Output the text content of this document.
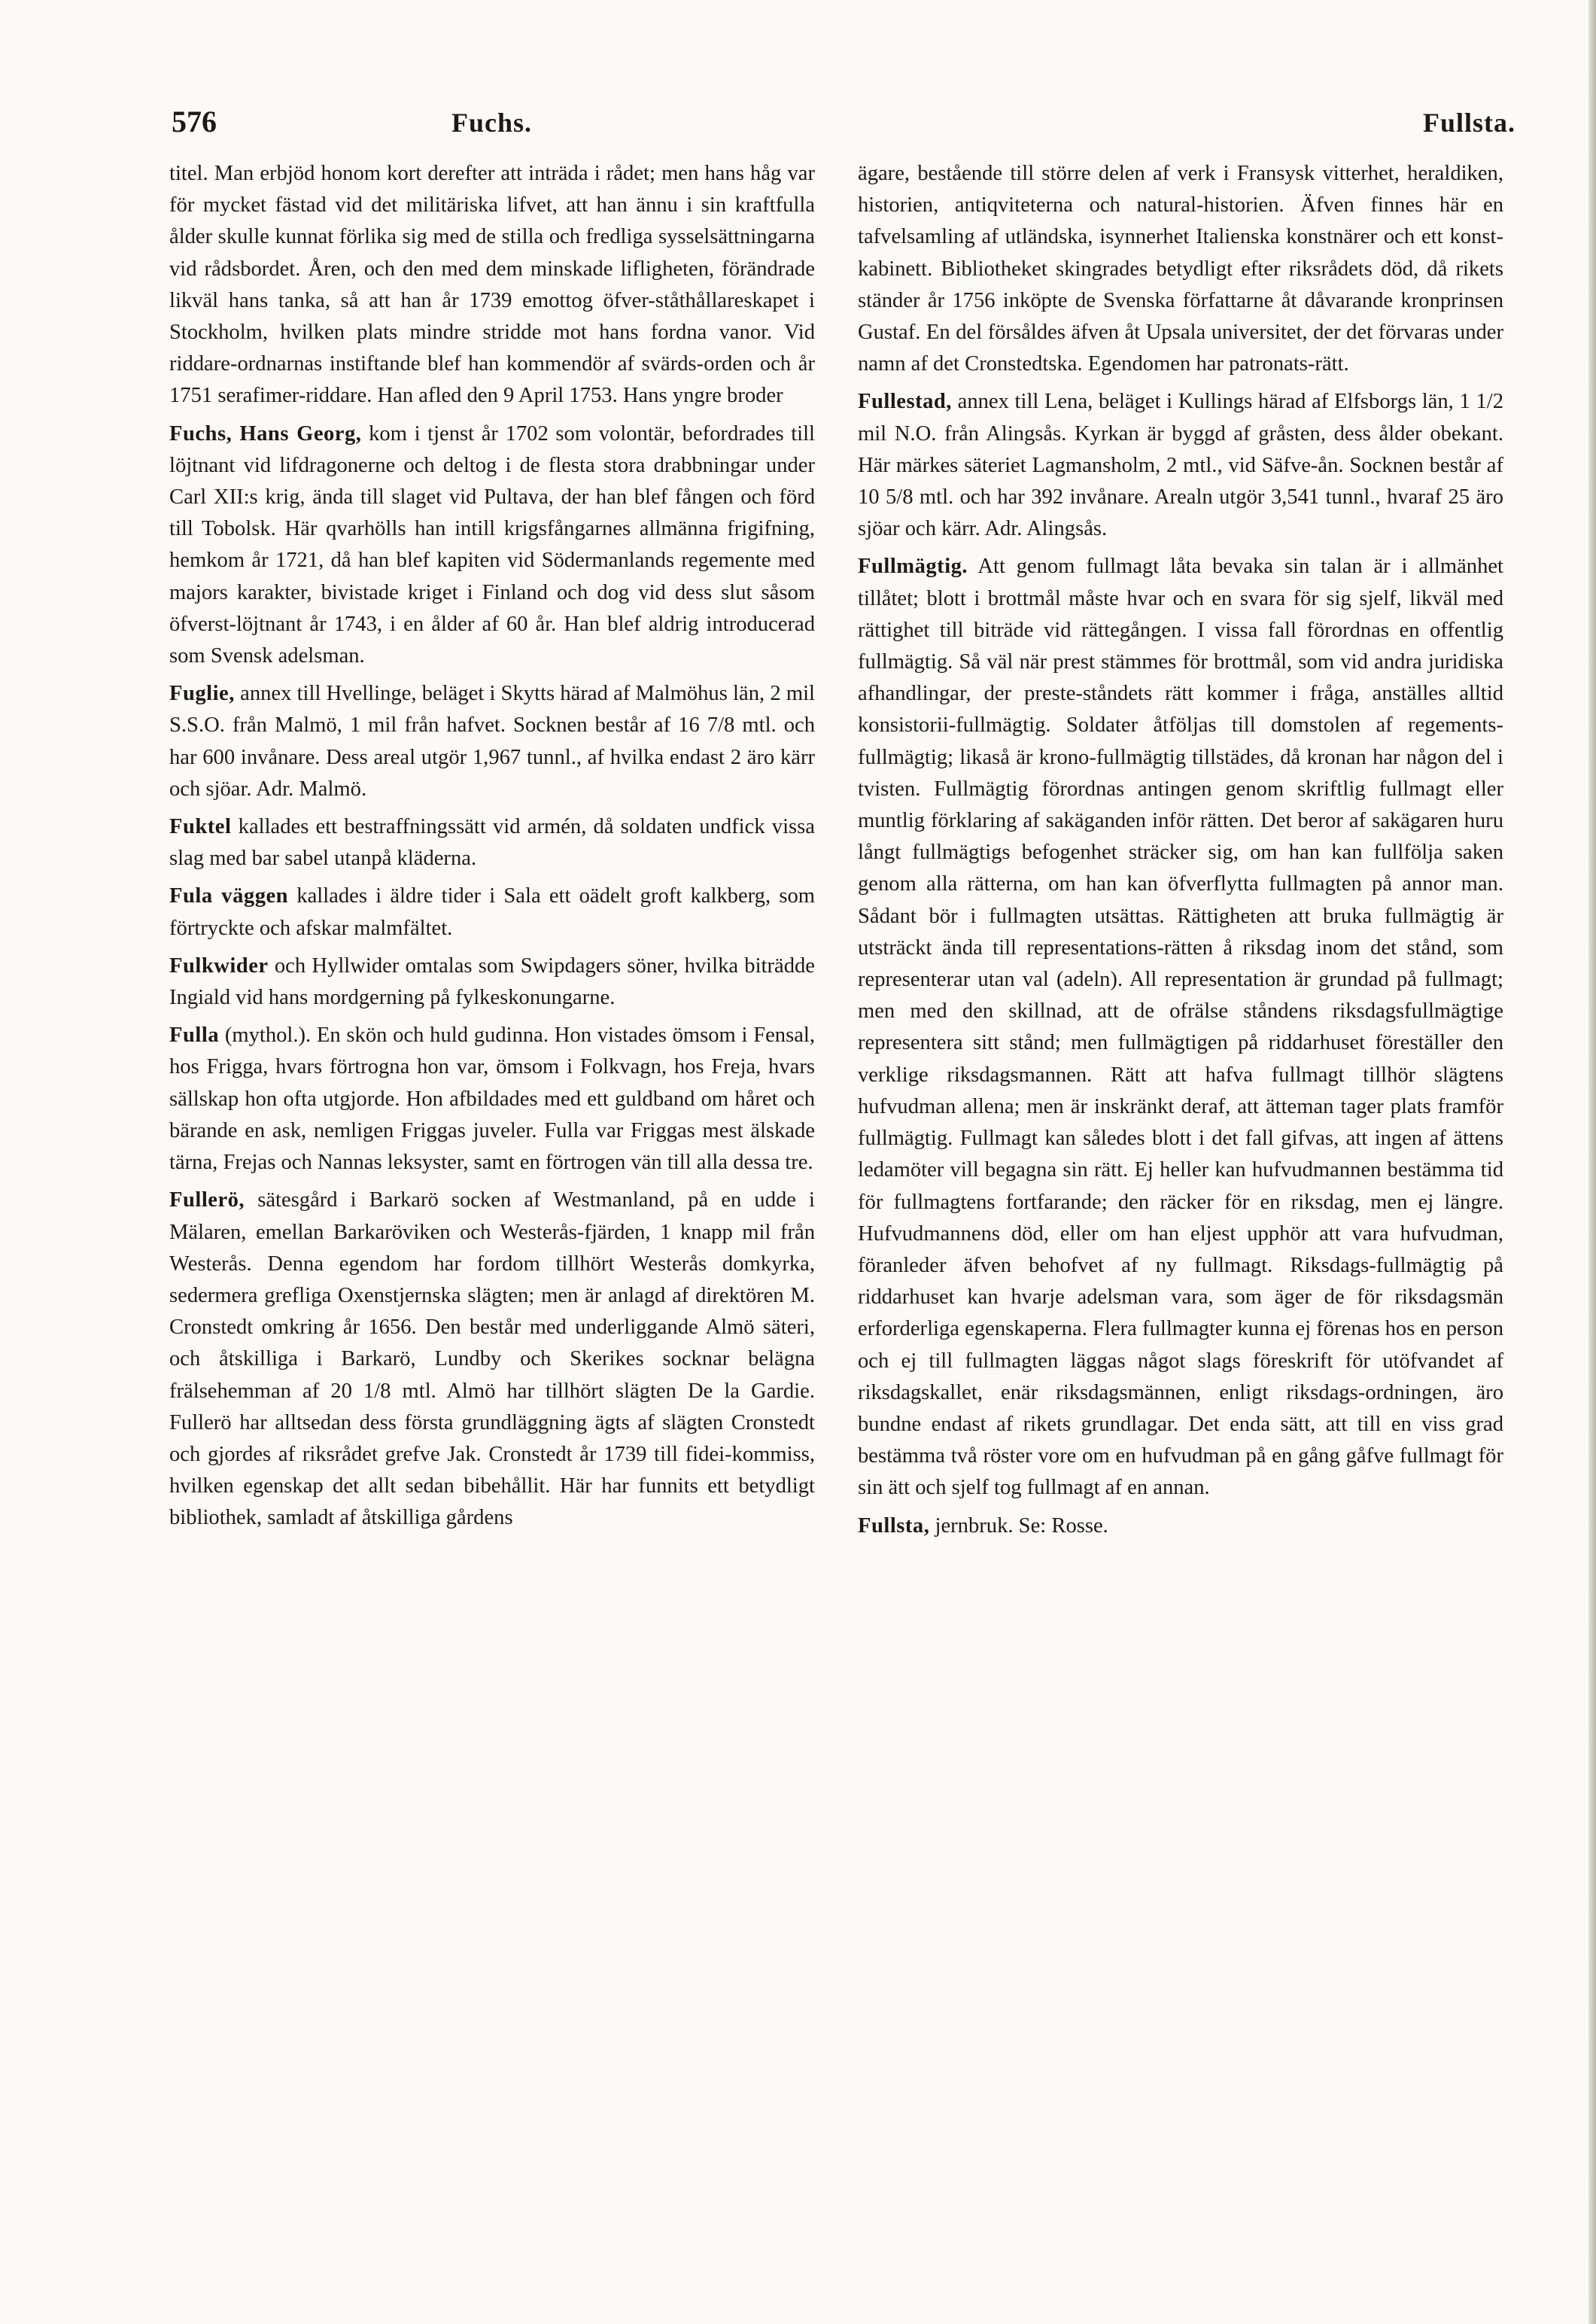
576	Fuchs.	Fullsta.

titel. Man erbjöd honom kort derefter att inträda i rådet; men hans håg var för mycket fästad vid det militäriska lifvet, att han ännu i sin kraftfulla ålder skulle kunnat förlika sig med de stilla och fredliga sysselsättningarna vid rådsbordet. Åren, och den med dem minskade lifligheten, förändrade likväl hans tanka, så att han år 1739 emottog öfver-ståthållareskapet i Stockholm, hvilken plats mindre stridde mot hans fordna vanor. Vid riddare-ordnarnas instiftande blef han kommendör af svärds-orden och år 1751 serafimer-riddare. Han afled den 9 April 1753. Hans yngre broder

Fuchs, Hans Georg, kom i tjenst år 1702 som volontär, befordrades till löjtnant vid lifdragonerne och deltog i de flesta stora drabbningar under Carl XII:s krig, ända till slaget vid Pultava, der han blef fången och förd till Tobolsk. Här qvarhölls han intill krigsfångarnes allmänna frigifning, hemkom år 1721, då han blef kapiten vid Södermanlands regemente med majors karakter, bivistade kriget i Finland och dog vid dess slut såsom öfverst-löjtnant år 1743, i en ålder af 60 år. Han blef aldrig introducerad som Svensk adelsman.

Fuglie, annex till Hvellinge, beläget i Skytts härad af Malmöhus län, 2 mil S.S.O. från Malmö, 1 mil från hafvet. Socknen består af 16 7/8 mtl. och har 600 invånare. Dess areal utgör 1,967 tunnl., af hvilka endast 2 äro kärr och sjöar. Adr. Malmö.

Fuktel kallades ett bestraffningssätt vid armén, då soldaten undfick vissa slag med bar sabel utanpå kläderna.

Fula väggen kallades i äldre tider i Sala ett oädelt groft kalkberg, som förtryckte och afskar malmfältet.

Fulkwider och Hyllwider omtalas som Swipdagers söner, hvilka biträdde Ingiald vid hans mordgerning på fylkeskonungarne.

Fulla (mythol.). En skön och huld gudinna. Hon vistades ömsom i Fensal, hos Frigga, hvars förtrogna hon var, ömsom i Folkvagn, hos Freja, hvars sällskap hon ofta utgjorde. Hon afbildades med ett guldband om håret och bärande en ask, nemligen Friggas juveler. Fulla var Friggas mest älskade tärna, Frejas och Nannas leksyster, samt en förtrogen vän till alla dessa tre.

Fullerö, sätesgård i Barkarö socken af Westmanland, på en udde i Mälaren, emellan Barkaröviken och Westerås-fjärden, 1 knapp mil från Westerås. Denna egendom har fordom tillhört Westerås domkyrka, sedermera grefliga Oxenstjernska slägten; men är anlagd af direktören M. Cronstedt omkring år 1656. Den består med underliggande Almö säteri, och åtskilliga i Barkarö, Lundby och Skerikes socknar belägna frälsehemman af 20 1/8 mtl. Almö har tillhört slägten De la Gardie. Fullerö har alltsedan dess första grundläggning ägts af slägten Cronstedt och gjordes af riksrådet grefve Jak. Cronstedt år 1739 till fidei-kommiss, hvilken egenskap det allt sedan bibehållit. Här har funnits ett betydligt bibliothek, samladt af åtskilliga gårdens

ägare, bestående till större delen af verk i Fransysk vitterhet, heraldiken, historien, antiqviteterna och natural-historien. Äfven finnes här en tafvelsamling af utländska, isynnerhet Italienska konstnärer och ett konst-kabinett. Bibliotheket skingrades betydligt efter riksrådets död, då rikets ständer år 1756 inköpte de Svenska författarne åt dåvarande kronprinsen Gustaf. En del försåldes äfven åt Upsala universitet, der det förvaras under namn af det Cronstedtska. Egendomen har patronats-rätt.

Fullestad, annex till Lena, beläget i Kullings härad af Elfsborgs län, 1 1/2 mil N.O. från Alingsås. Kyrkan är byggd af gråsten, dess ålder obekant. Här märkes säteriet Lagmansholm, 2 mtl., vid Säfve-ån. Socknen består af 10 5/8 mtl. och har 392 invånare. Arealn utgör 3,541 tunnl., hvaraf 25 äro sjöar och kärr. Adr. Alingsås.

Fullmägtig. Att genom fullmagt låta bevaka sin talan är i allmänhet tillåtet; blott i brottmål måste hvar och en svara för sig sjelf, likväl med rättighet till biträde vid rättegången. I vissa fall förordnas en offentlig fullmägtig. Så väl när prest stämmes för brottmål, som vid andra juridiska afhandlingar, der preste-ståndets rätt kommer i fråga, anställes alltid konsistorii-fullmägtig. Soldater åtföljas till domstolen af regements-fullmägtig; likaså är krono-fullmägtig tillstädes, då kronan har någon del i tvisten. Fullmägtig förordnas antingen genom skriftlig fullmagt eller muntlig förklaring af sakäganden inför rätten. Det beror af sakägaren huru långt fullmägtigs befogenhet sträcker sig, om han kan fullfölja saken genom alla rätterna, om han kan öfverflytta fullmagten på annor man. Sådant bör i fullmagten utsättas. Rättigheten att bruka fullmägtig är utsträckt ända till representations-rätten å riksdag inom det stånd, som representerar utan val (adeln). All representation är grundad på fullmagt; men med den skillnad, att de ofrälse ståndens riksdagsfullmägtige representera sitt stånd; men fullmägtigen på riddarhuset föreställer den verklige riksdagsmannen. Rätt att hafva fullmagt tillhör slägtens hufvudman allena; men är inskränkt deraf, att ätteman tager plats framför fullmägtig. Fullmagt kan således blott i det fall gifvas, att ingen af ättens ledamöter vill begagna sin rätt. Ej heller kan hufvudmannen bestämma tid för fullmagtens fortfarande; den räcker för en riksdag, men ej längre. Hufvudmannens död, eller om han eljest upphör att vara hufvudman, föranleder äfven behofvet af ny fullmagt. Riksdags-fullmägtig på riddarhuset kan hvarje adelsman vara, som äger de för riksdagsmän erforderliga egenskaperna. Flera fullmagter kunna ej förenas hos en person och ej till fullmagten läggas något slags föreskrift för utöfvandet af riksdagskallet, enär riksdagsmännen, enligt riksdags-ordningen, äro bundne endast af rikets grundlagar. Det enda sätt, att till en viss grad bestämma två röster vore om en hufvudman på en gång gåfve fullmagt för sin ätt och sjelf tog fullmagt af en annan.

Fullsta, jernbruk. Se: Rosse.
